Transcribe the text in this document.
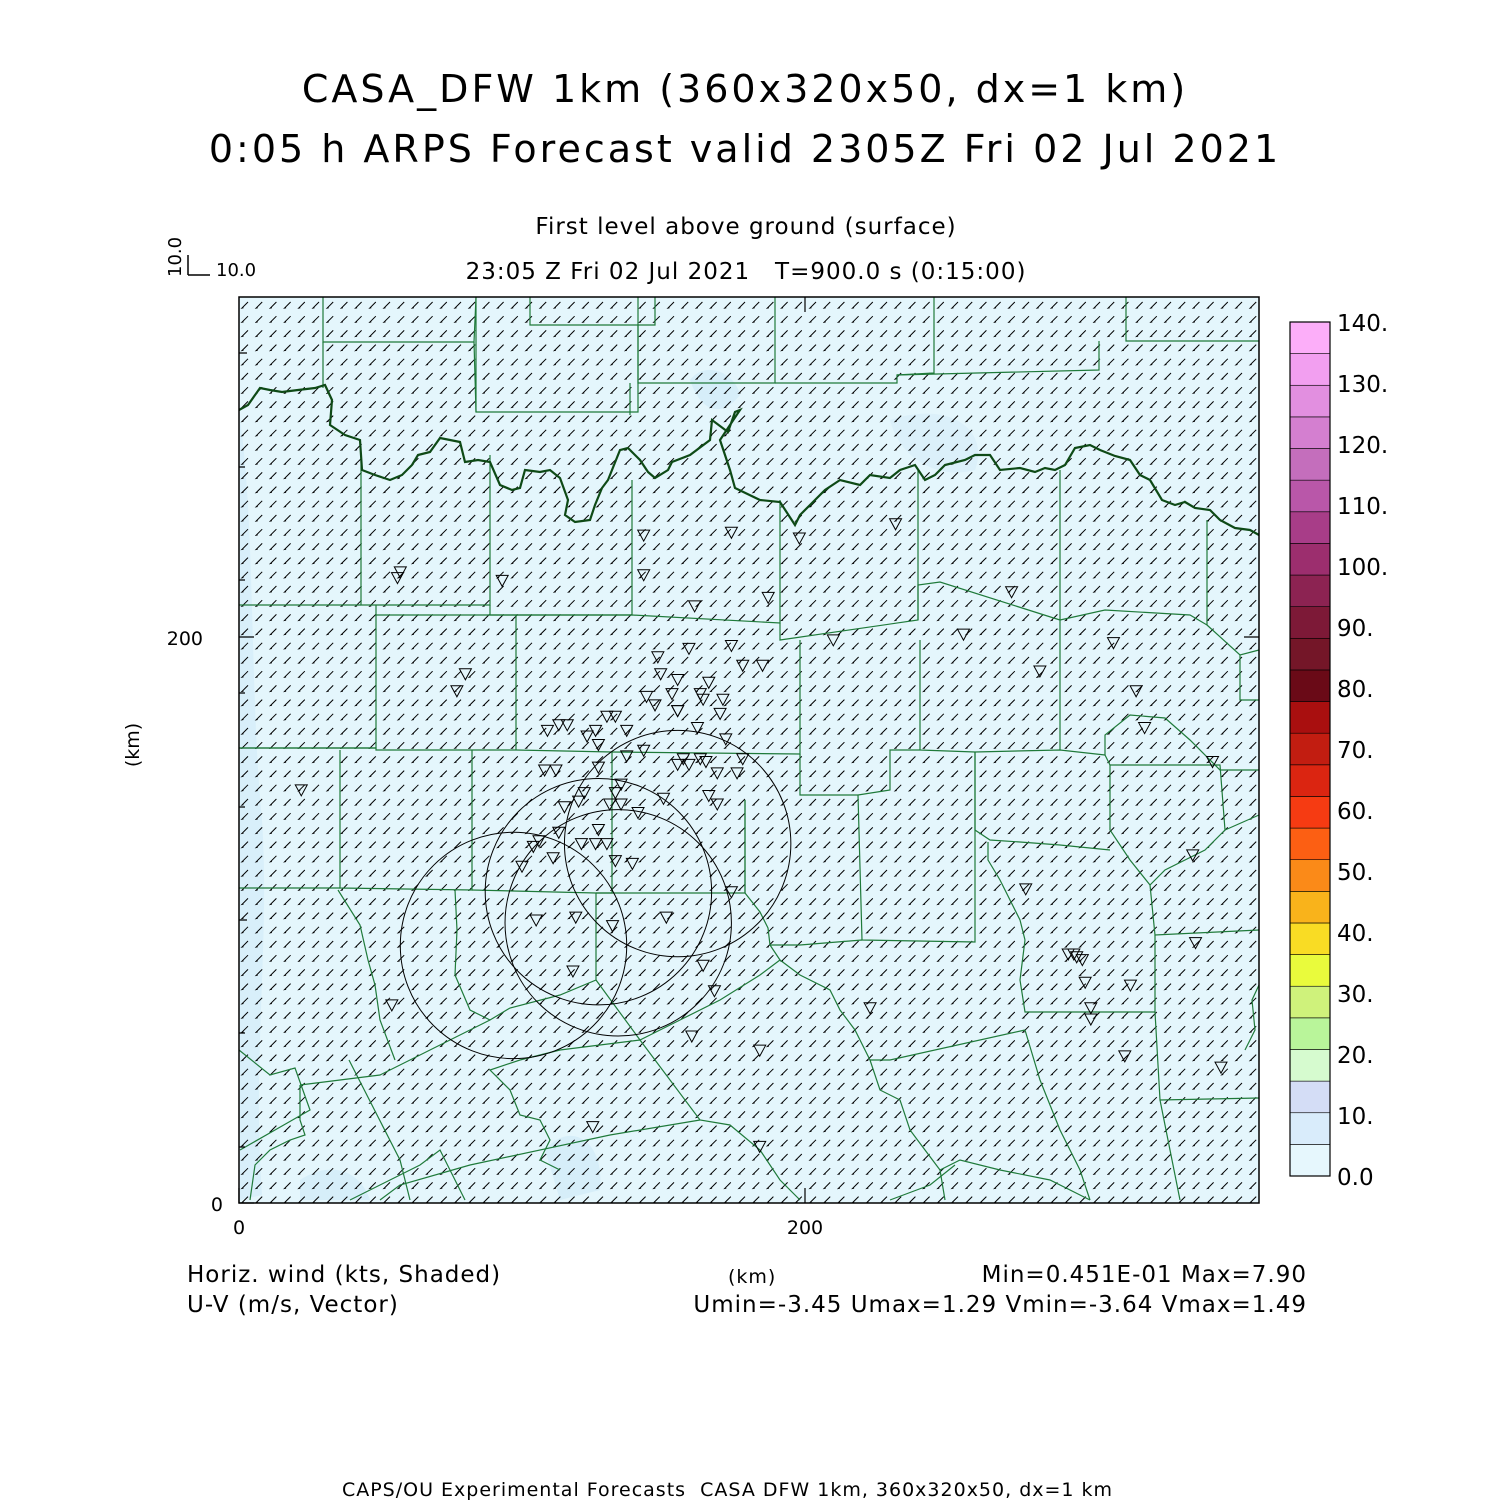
CASA_DFW 1km (360x320x50, dx=1 km)
0:05 h ARPS Forecast valid 2305Z Fri 02 Jul 2021
First level above ground (surface)
23:05 Z Fri 02 Jul 2021   T=900.0 s (0:15:00)
10.0
10.0
200
0
0	200
(km)
0.0
10.
20.
30.
40.
50.
60.
70.
80.
90.
100.
110.
120.
130.
140.
Horiz. wind (kts, Shaded)
U-V (m/s, Vector)
(km)	Min=0.451E-01 Max=7.90
Umin=-3.45 Umax=1.29 Vmin=-3.64 Vmax=1.49
CAPS/OU Experimental Forecasts  CASA DFW 1km, 360x320x50, dx=1 km
